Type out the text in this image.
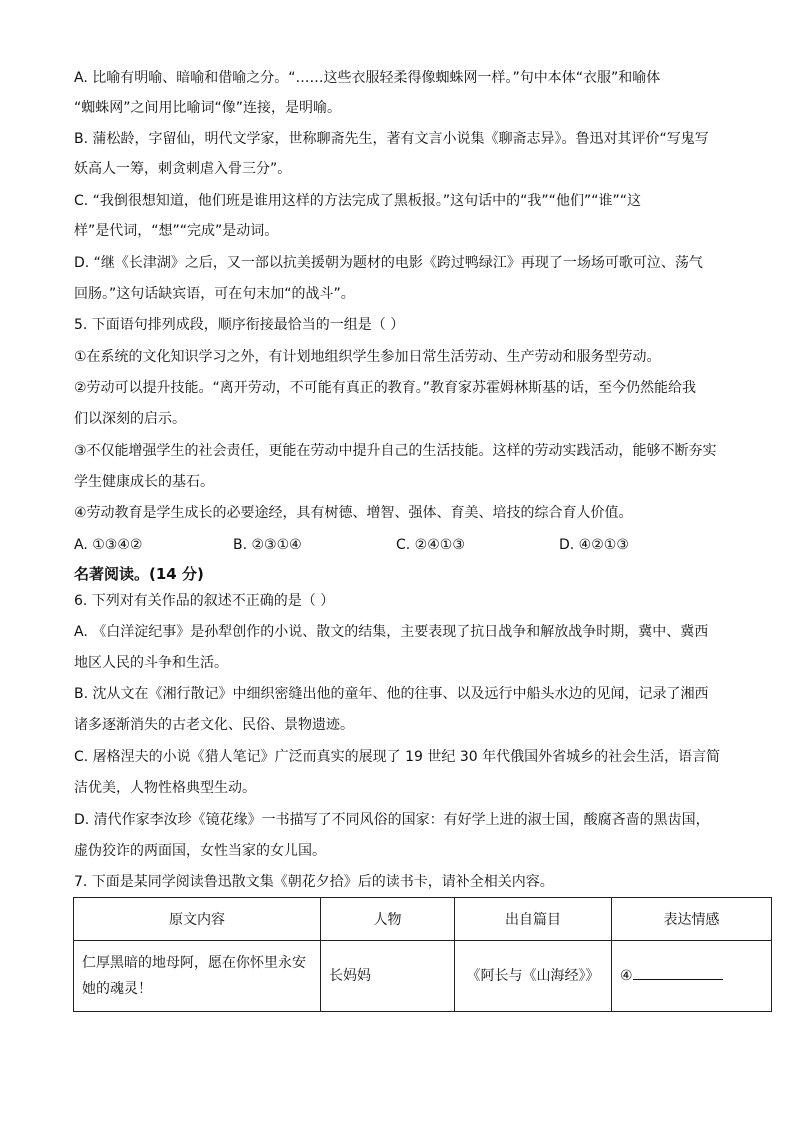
A. 比喻有明喻、暗喻和借喻之分。“……这些衣服轻柔得像蜘蛛网一样。”句中本体“衣服”和喻体
“蜘蛛网”之间用比喻词“像”连接，是明喻。
B. 蒲松龄，字留仙，明代文学家，世称聊斋先生，著有文言小说集《聊斋志异》。鲁迅对其评价“写鬼写
妖高人一筹，刺贪刺虐入骨三分”。
C. “我倒很想知道，他们班是谁用这样的方法完成了黑板报。”这句话中的“我”“他们”“谁”“这
样”是代词，“想”“完成”是动词。
D. “继《长津湖》之后，又一部以抗美援朝为题材的电影《跨过鸭绿江》再现了一场场可歌可泣、荡气
回肠。”这句话缺宾语，可在句末加“的战斗”。
5. 下面语句排列成段，顺序衔接最恰当的一组是（ ）
①在系统的文化知识学习之外，有计划地组织学生参加日常生活劳动、生产劳动和服务型劳动。
②劳动可以提升技能。“离开劳动，不可能有真正的教育。”教育家苏霍姆林斯基的话，至今仍然能给我
们以深刻的启示。
③不仅能增强学生的社会责任，更能在劳动中提升自己的生活技能。这样的劳动实践活动，能够不断夯实
学生健康成长的基石。
④劳动教育是学生成长的必要途经，具有树德、增智、强体、育美、培技的综合育人价值。
A. ①③④②	B. ②③①④	C. ②④①③	D. ④②①③
名著阅读。(14 分)
6. 下列对有关作品的叙述不正确的是（ ）
A. 《白洋淀纪事》是孙犁创作的小说、散文的结集，主要表现了抗日战争和解放战争时期，冀中、冀西
地区人民的斗争和生活。
B. 沈从文在《湘行散记》中细织密缝出他的童年、他的往事、以及远行中船头水边的见闻，记录了湘西
诸多逐渐消失的古老文化、民俗、景物遗迹。
C. 屠格涅夫的小说《猎人笔记》广泛而真实的展现了 19 世纪 30 年代俄国外省城乡的社会生活，语言简
洁优美，人物性格典型生动。
D. 清代作家李汝珍《镜花缘》一书描写了不同风俗的国家：有好学上进的淑士国，酸腐吝啬的黑齿国，
虚伪狡诈的两面国，女性当家的女儿国。
7. 下面是某同学阅读鲁迅散文集《朝花夕拾》后的读书卡，请补全相关内容。
原文内容	人物	出自篇目	表达情感

仁厚黑暗的地母阿，愿在你怀里永安
她的魂灵！	长妈妈	《阿长与《山海经》》	④
